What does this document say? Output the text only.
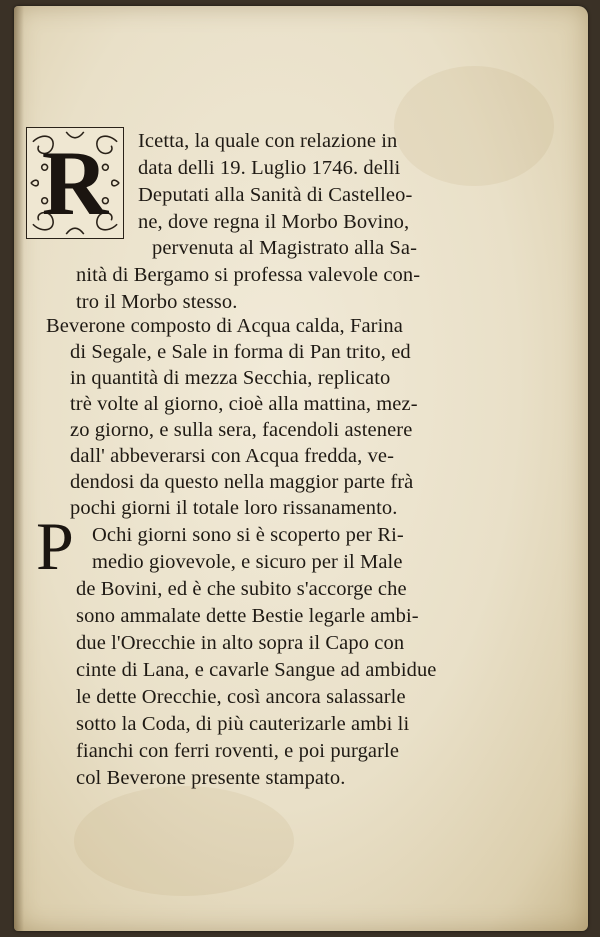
R	Icetta, la quale con relazione in
data delli 19. Luglio 1746. delli
Deputati alla Sanità di Castelleo-
ne, dove regna il Morbo Bovino,
pervenuta al Magistrato alla Sa-
nità di Bergamo si professa valevole con-
tro il Morbo stesso.
Beverone composto di Acqua calda, Farina
di Segale, e Sale in forma di Pan trito, ed
in quantità di mezza Secchia, replicato
trè volte al giorno, cioè alla mattina, mez-
zo giorno, e sulla sera, facendoli astenere
dall' abbeverarsi con Acqua fredda, ve-
dendosi da questo nella maggior parte frà
pochi giorni il totale loro rissanamento.
P Ochi giorni sono si è scoperto per Ri-
medio giovevole, e sicuro per il Male
de Bovini, ed è che subito s'accorge che
sono ammalate dette Bestie legarle ambi-
due l'Orecchie in alto sopra il Capo con
cinte di Lana, e cavarle Sangue ad ambidue
le dette Orecchie, così ancora salassarle
sotto la Coda, di più cauterizarle ambi li
fianchi con ferri roventi, e poi purgarle
col Beverone presente stampato.
